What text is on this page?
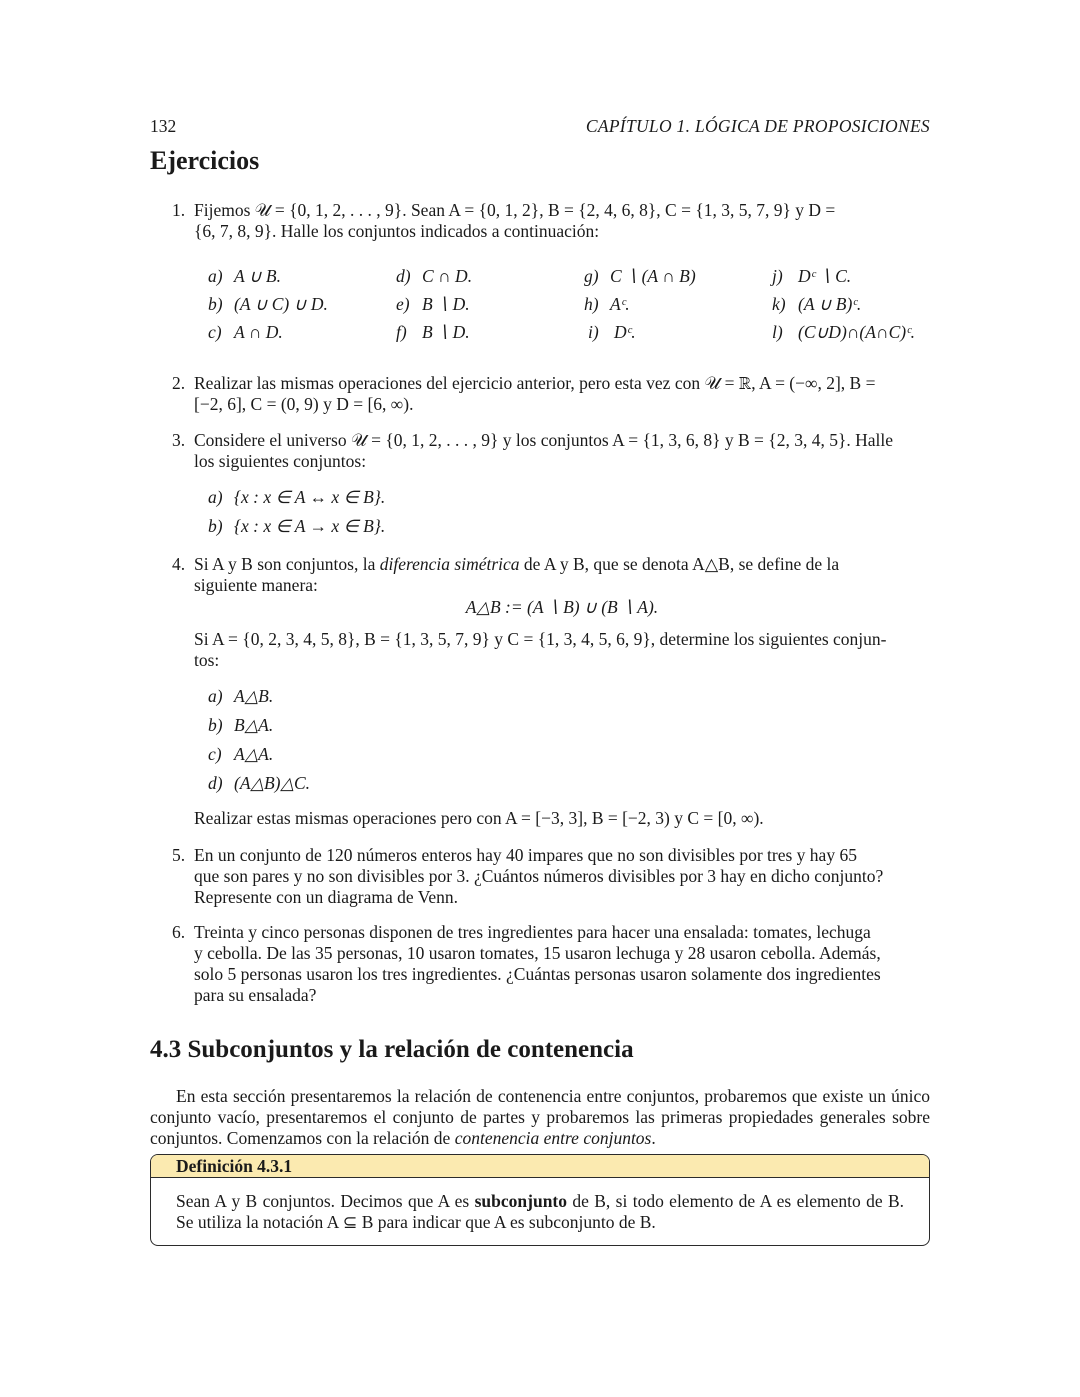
132	CAPÍTULO 1. LÓGICA DE PROPOSICIONES
Ejercicios
1. Fijemos 𝒰 = {0, 1, 2, . . . , 9}. Sean A = {0, 1, 2}, B = {2, 4, 6, 8}, C = {1, 3, 5, 7, 9} y D =
{6, 7, 8, 9}. Halle los conjuntos indicados a continuación:
a) A ∪ B.
b) (A ∪ C) ∪ D.
c) A ∩ D.
d) C ∩ D.
e) B ∖ D.
f) B ∖ D.
g) C ∖ (A ∩ B)
h) Aᶜ.
i) Dᶜ.
j) Dᶜ ∖ C.
k) (A ∪ B)ᶜ.
l) (C∪D)∩(A∩C)ᶜ.
2. Realizar las mismas operaciones del ejercicio anterior, pero esta vez con 𝒰 = ℝ, A = (−∞, 2], B =
[−2, 6], C = (0, 9) y D = [6, ∞).
3. Considere el universo 𝒰 = {0, 1, 2, . . . , 9} y los conjuntos A = {1, 3, 6, 8} y B = {2, 3, 4, 5}. Halle
los siguientes conjuntos:
a) {x : x ∈ A ↔ x ∈ B}.
b) {x : x ∈ A → x ∈ B}.
4. Si A y B son conjuntos, la diferencia simétrica de A y B, que se denota A△B, se define de la
siguiente manera:
A△B := (A ∖ B) ∪ (B ∖ A).
Si A = {0, 2, 3, 4, 5, 8}, B = {1, 3, 5, 7, 9} y C = {1, 3, 4, 5, 6, 9}, determine los siguientes conjun-
tos:
a) A△B.
b) B△A.
c) A△A.
d) (A△B)△C.
Realizar estas mismas operaciones pero con A = [−3, 3], B = [−2, 3) y C = [0, ∞).
5. En un conjunto de 120 números enteros hay 40 impares que no son divisibles por tres y hay 65
que son pares y no son divisibles por 3. ¿Cuántos números divisibles por 3 hay en dicho conjunto?
Represente con un diagrama de Venn.
6. Treinta y cinco personas disponen de tres ingredientes para hacer una ensalada: tomates, lechuga
y cebolla. De las 35 personas, 10 usaron tomates, 15 usaron lechuga y 28 usaron cebolla. Además,
solo 5 personas usaron los tres ingredientes. ¿Cuántas personas usaron solamente dos ingredientes
para su ensalada?
4.3 Subconjuntos y la relación de contenencia
En esta sección presentaremos la relación de contenencia entre conjuntos, probaremos que existe un único conjunto vacío, presentaremos el conjunto de partes y probaremos las primeras propiedades generales sobre conjuntos. Comenzamos con la relación de contenencia entre conjuntos.
Definición 4.3.1
Sean A y B conjuntos. Decimos que A es subconjunto de B, si todo elemento de A es elemento de B. Se utiliza la notación A ⊆ B para indicar que A es subconjunto de B.
